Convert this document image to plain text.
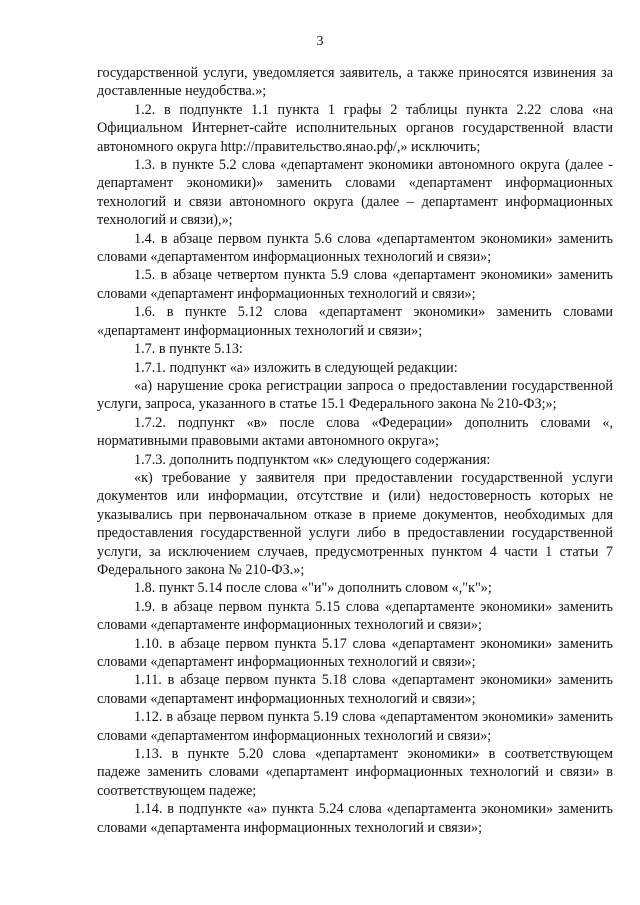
3

государственной услуги, уведомляется заявитель, а также приносятся извинения за доставленные неудобства.»;

1.2. в подпункте 1.1 пункта 1 графы 2 таблицы пункта 2.22 слова «на Официальном Интернет-сайте исполнительных органов государственной власти автономного округа http://правительство.янао.рф/,» исключить;

1.3. в пункте 5.2 слова «департамент экономики автономного округа (далее - департамент экономики)» заменить словами «департамент информационных технологий и связи автономного округа (далее – департамент информационных технологий и связи),»;

1.4. в абзаце первом пункта 5.6 слова «департаментом экономики» заменить словами «департаментом информационных технологий и связи»;

1.5. в абзаце четвертом пункта 5.9 слова «департамент экономики» заменить словами «департамент информационных технологий и связи»;

1.6. в пункте 5.12 слова «департамент экономики» заменить словами «департамент информационных технологий и связи»;

1.7. в пункте 5.13:

1.7.1. подпункт «а» изложить в следующей редакции:

«а) нарушение срока регистрации запроса о предоставлении государственной услуги, запроса, указанного в статье 15.1 Федерального закона № 210-ФЗ;»;

1.7.2. подпункт «в» после слова «Федерации» дополнить словами «, нормативными правовыми актами автономного округа»;

1.7.3. дополнить подпунктом «к» следующего содержания:

«к) требование у заявителя при предоставлении государственной услуги документов или информации, отсутствие и (или) недостоверность которых не указывались при первоначальном отказе в приеме документов, необходимых для предоставления государственной услуги либо в предоставлении государственной услуги, за исключением случаев, предусмотренных пунктом 4 части 1 статьи 7 Федерального закона № 210-ФЗ.»;

1.8. пункт 5.14 после слова «"и"» дополнить словом «,"к"»;

1.9. в абзаце первом пункта 5.15 слова «департаменте экономики» заменить словами «департаменте информационных технологий и связи»;

1.10. в абзаце первом пункта 5.17 слова «департамент экономики» заменить словами «департамент информационных технологий и связи»;

1.11. в абзаце первом пункта 5.18 слова «департамент экономики» заменить словами «департамент информационных технологий и связи»;

1.12. в абзаце первом пункта 5.19 слова «департаментом экономики» заменить словами «департаментом информационных технологий и связи»;

1.13. в пункте 5.20 слова «департамент экономики» в соответствующем падеже заменить словами «департамент информационных технологий и связи» в соответствующем падеже;

1.14. в подпункте «а» пункта 5.24 слова «департамента экономики» заменить словами «департамента информационных технологий и связи»;
